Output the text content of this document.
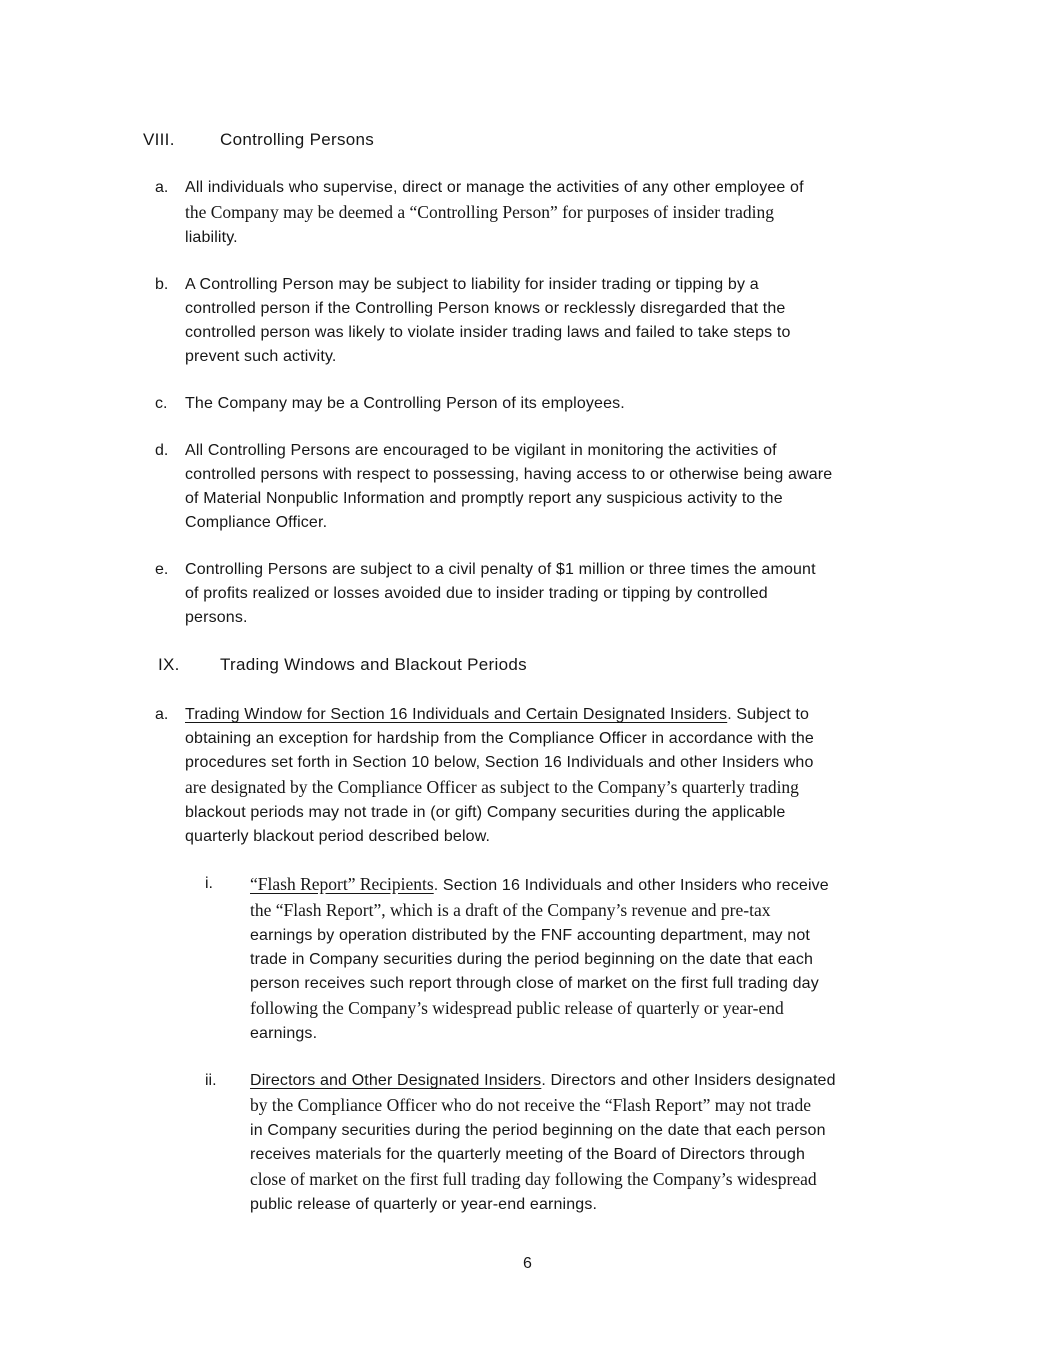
VIII.	Controlling Persons
a.	All individuals who supervise, direct or manage the activities of any other employee of
the Company may be deemed a “Controlling Person” for purposes of insider trading
liability.
b.	A Controlling Person may be subject to liability for insider trading or tipping by a
controlled person if the Controlling Person knows or recklessly disregarded that the
controlled person was likely to violate insider trading laws and failed to take steps to
prevent such activity.
c.	The Company may be a Controlling Person of its employees.
d.	All Controlling Persons are encouraged to be vigilant in monitoring the activities of
controlled persons with respect to possessing, having access to or otherwise being aware
of Material Nonpublic Information and promptly report any suspicious activity to the
Compliance Officer.
e.	Controlling Persons are subject to a civil penalty of $1 million or three times the amount
of profits realized or losses avoided due to insider trading or tipping by controlled
persons.
IX. Trading Windows and Blackout Periods
a.	Trading Window for Section 16 Individuals and Certain Designated Insiders. Subject to
obtaining an exception for hardship from the Compliance Officer in accordance with the
procedures set forth in Section 10 below, Section 16 Individuals and other Insiders who
are designated by the Compliance Officer as subject to the Company’s quarterly trading
blackout periods may not trade in (or gift) Company securities during the applicable
quarterly blackout period described below.
i.	“Flash Report” Recipients. Section 16 Individuals and other Insiders who receive
the “Flash Report”, which is a draft of the Company’s revenue and pre-tax
earnings by operation distributed by the FNF accounting department, may not
trade in Company securities during the period beginning on the date that each
person receives such report through close of market on the first full trading day
following the Company’s widespread public release of quarterly or year-end
earnings.
ii.	Directors and Other Designated Insiders. Directors and other Insiders designated
by the Compliance Officer who do not receive the “Flash Report” may not trade
in Company securities during the period beginning on the date that each person
receives materials for the quarterly meeting of the Board of Directors through
close of market on the first full trading day following the Company’s widespread
public release of quarterly or year-end earnings.
6
